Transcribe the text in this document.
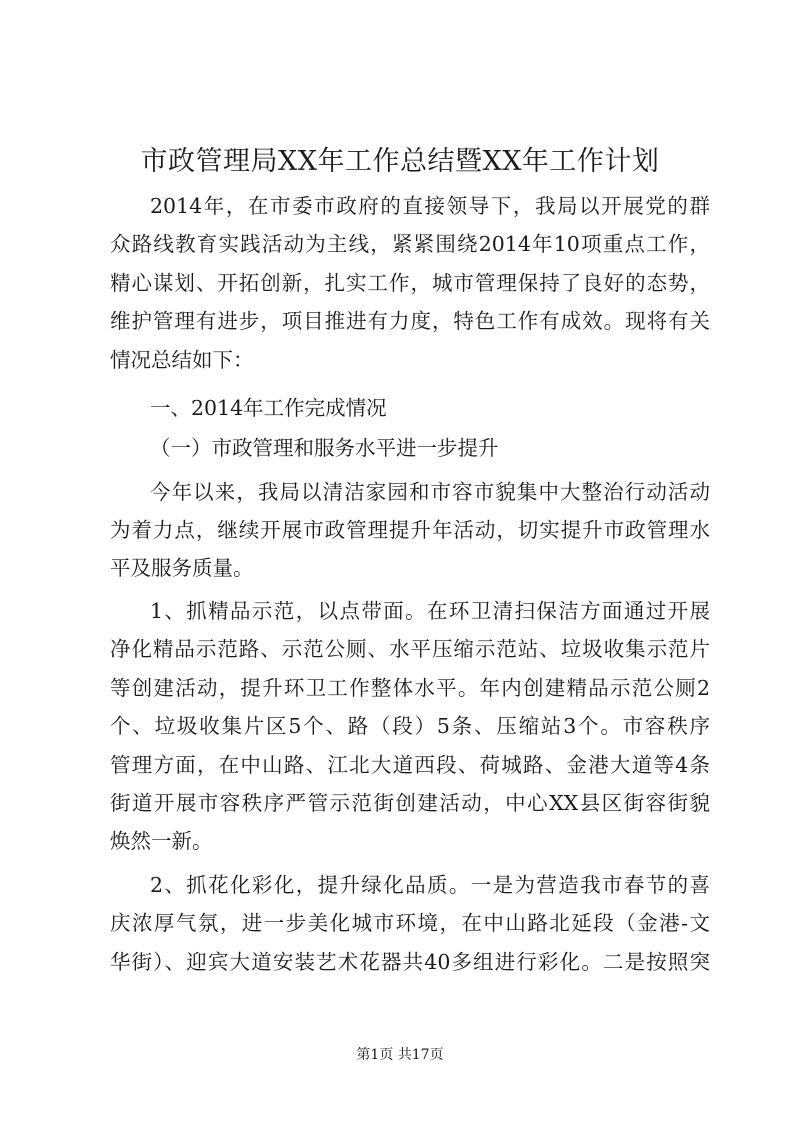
市政管理局XX年工作总结暨XX年工作计划
2014年，在市委市政府的直接领导下，我局以开展党的群
众路线教育实践活动为主线，紧紧围绕2014年10项重点工作，
精心谋划、开拓创新，扎实工作，城市管理保持了良好的态势，
维护管理有进步，项目推进有力度，特色工作有成效。现将有关
情况总结如下：
一、2014年工作完成情况
（一）市政管理和服务水平进一步提升
今年以来，我局以清洁家园和市容市貌集中大整治行动活动
为着力点，继续开展市政管理提升年活动，切实提升市政管理水
平及服务质量。
1、抓精品示范，以点带面。在环卫清扫保洁方面通过开展
净化精品示范路、示范公厕、水平压缩示范站、垃圾收集示范片
等创建活动，提升环卫工作整体水平。年内创建精品示范公厕2
个、垃圾收集片区5个、路（段）5条、压缩站3个。市容秩序
管理方面，在中山路、江北大道西段、荷城路、金港大道等4条
街道开展市容秩序严管示范街创建活动，中心XX县区街容街貌
焕然一新。
2、抓花化彩化，提升绿化品质。一是为营造我市春节的喜
庆浓厚气氛，进一步美化城市环境，在中山路北延段（金港-文
华街）、迎宾大道安装艺术花器共40多组进行彩化。二是按照突
第1页 共17页
